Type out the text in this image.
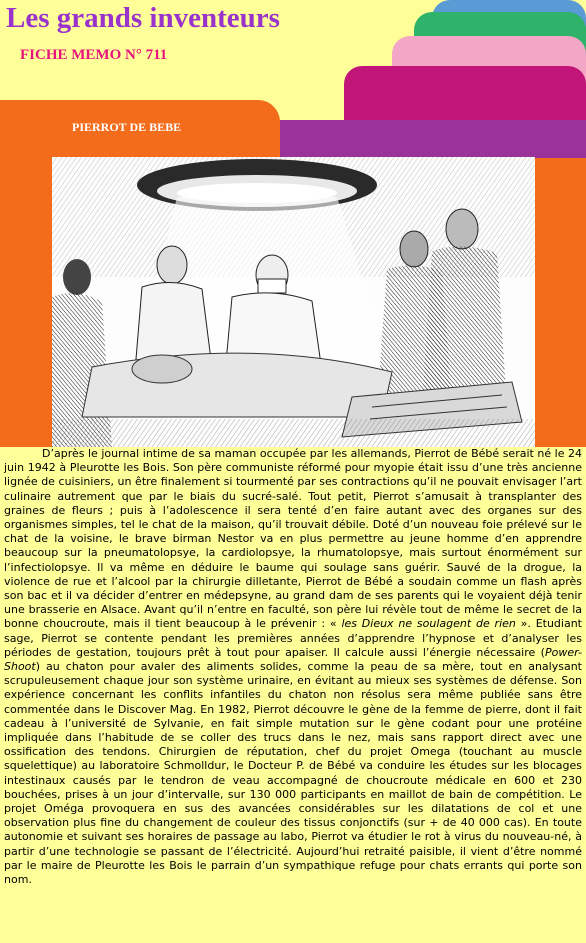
Les grands inventeurs
FICHE MEMO N° 711
PIERROT DE BEBE

D’après le journal intime de sa maman occupée par les allemands, Pierrot de Bébé serait né le 24 juin 1942 à Pleurotte les Bois. Son père communiste réformé pour myopie était issu d’une très ancienne lignée de cuisiniers, un être finalement si tourmenté par ses contractions qu’il ne pouvait envisager l’art culinaire autrement que par le biais du sucré-salé. Tout petit, Pierrot s’amusait à transplanter des graines de fleurs ; puis à l’adolescence il sera tenté d’en faire autant avec des organes sur des organismes simples, tel le chat de la maison, qu’il trouvait débile. Doté d’un nouveau foie prélevé sur le chat de la voisine, le brave birman Nestor va en plus permettre au jeune homme d’en apprendre beaucoup sur la pneumatolopsye, la cardiolopsye, la rhumatolopsye, mais surtout énormément sur l’infectiolopsye. Il va même en déduire le baume qui soulage sans guérir. Sauvé de la drogue, la violence de rue et l’alcool par la chirurgie dilletante, Pierrot de Bébé a soudain comme un flash après son bac et il va décider d’entrer en médepsyne, au grand dam de ses parents qui le voyaient déjà tenir une brasserie en Alsace. Avant qu’il n’entre en faculté, son père lui révèle tout de même le secret de la bonne choucroute, mais il tient beaucoup à le prévenir : « les Dieux ne soulagent de rien ». Etudiant sage, Pierrot se contente pendant les premières années d’apprendre l’hypnose et d’analyser les périodes de gestation, toujours prêt à tout pour apaiser. Il calcule aussi l’énergie nécessaire (Power-Shoot) au chaton pour avaler des aliments solides, comme la peau de sa mère, tout en analysant scrupuleusement chaque jour son système urinaire, en évitant au mieux ses systèmes de défense. Son expérience concernant les conflits infantiles du chaton non résolus sera même publiée sans être commentée dans le Discover Mag. En 1982, Pierrot découvre le gène de la femme de pierre, dont il fait cadeau à l’université de Sylvanie, en fait simple mutation sur le gène codant pour une protéine impliquée dans l’habitude de se coller des trucs dans le nez, mais sans rapport direct avec une ossification des tendons. Chirurgien de réputation, chef du projet Omega (touchant au muscle squelettique) au laboratoire Schmolldur, le Docteur P. de Bébé va conduire les études sur les blocages intestinaux causés par le tendron de veau accompagné de choucroute médicale en 600 et 230 bouchées, prises à un jour d’intervalle, sur 130 000 participants en maillot de bain de compétition. Le projet Oméga provoquera en sus des avancées considérables sur les dilatations de col et une observation plus fine du changement de couleur des tissus conjonctifs (sur + de 40 000 cas). En toute autonomie et suivant ses horaires de passage au labo, Pierrot va étudier le rot à virus du nouveau-né, à partir d’une technologie se passant de l’électricité. Aujourd’hui retraité paisible, il vient d’être nommé par le maire de Pleurotte les Bois le parrain d’un sympathique refuge pour chats errants qui porte son nom.
